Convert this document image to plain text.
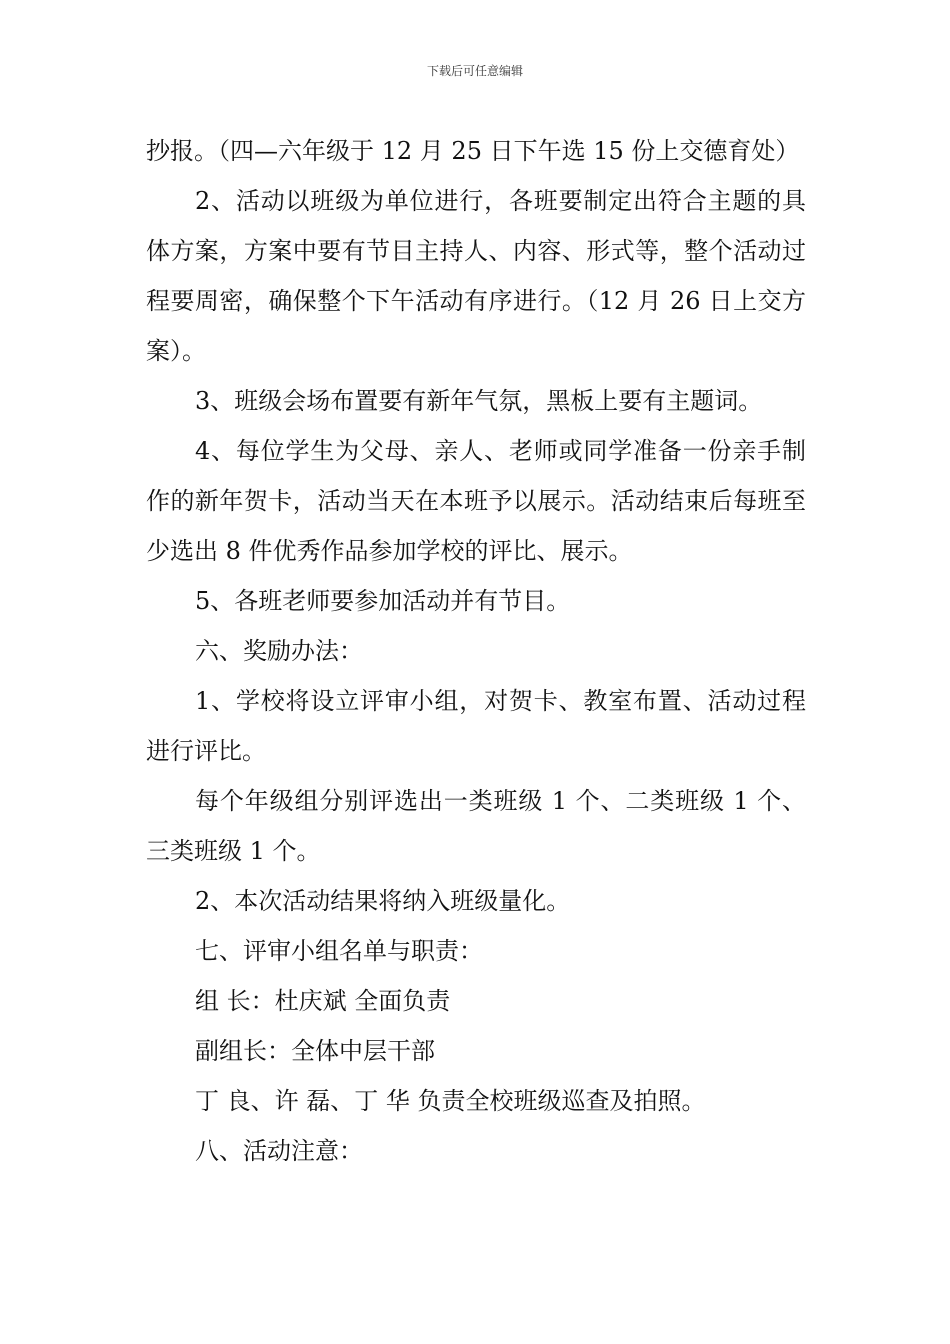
下载后可任意编辑

抄报。（四—六年级于 12 月 25 日下午选 15 份上交德育处）

2、活动以班级为单位进行，各班要制定出符合主题的具体方案，方案中要有节目主持人、内容、形式等，整个活动过程要周密，确保整个下午活动有序进行。（12 月 26 日上交方案）。

3、班级会场布置要有新年气氛，黑板上要有主题词。

4、每位学生为父母、亲人、老师或同学准备一份亲手制作的新年贺卡，活动当天在本班予以展示。活动结束后每班至少选出 8 件优秀作品参加学校的评比、展示。

5、各班老师要参加活动并有节目。

六、奖励办法：

1、学校将设立评审小组，对贺卡、教室布置、活动过程进行评比。

每个年级组分别评选出一类班级 1 个、二类班级 1 个、三类班级 1 个。

2、本次活动结果将纳入班级量化。

七、评审小组名单与职责：

组 长：杜庆斌 全面负责

副组长：全体中层干部

丁 良、许 磊、丁 华 负责全校班级巡查及拍照。

八、活动注意：
